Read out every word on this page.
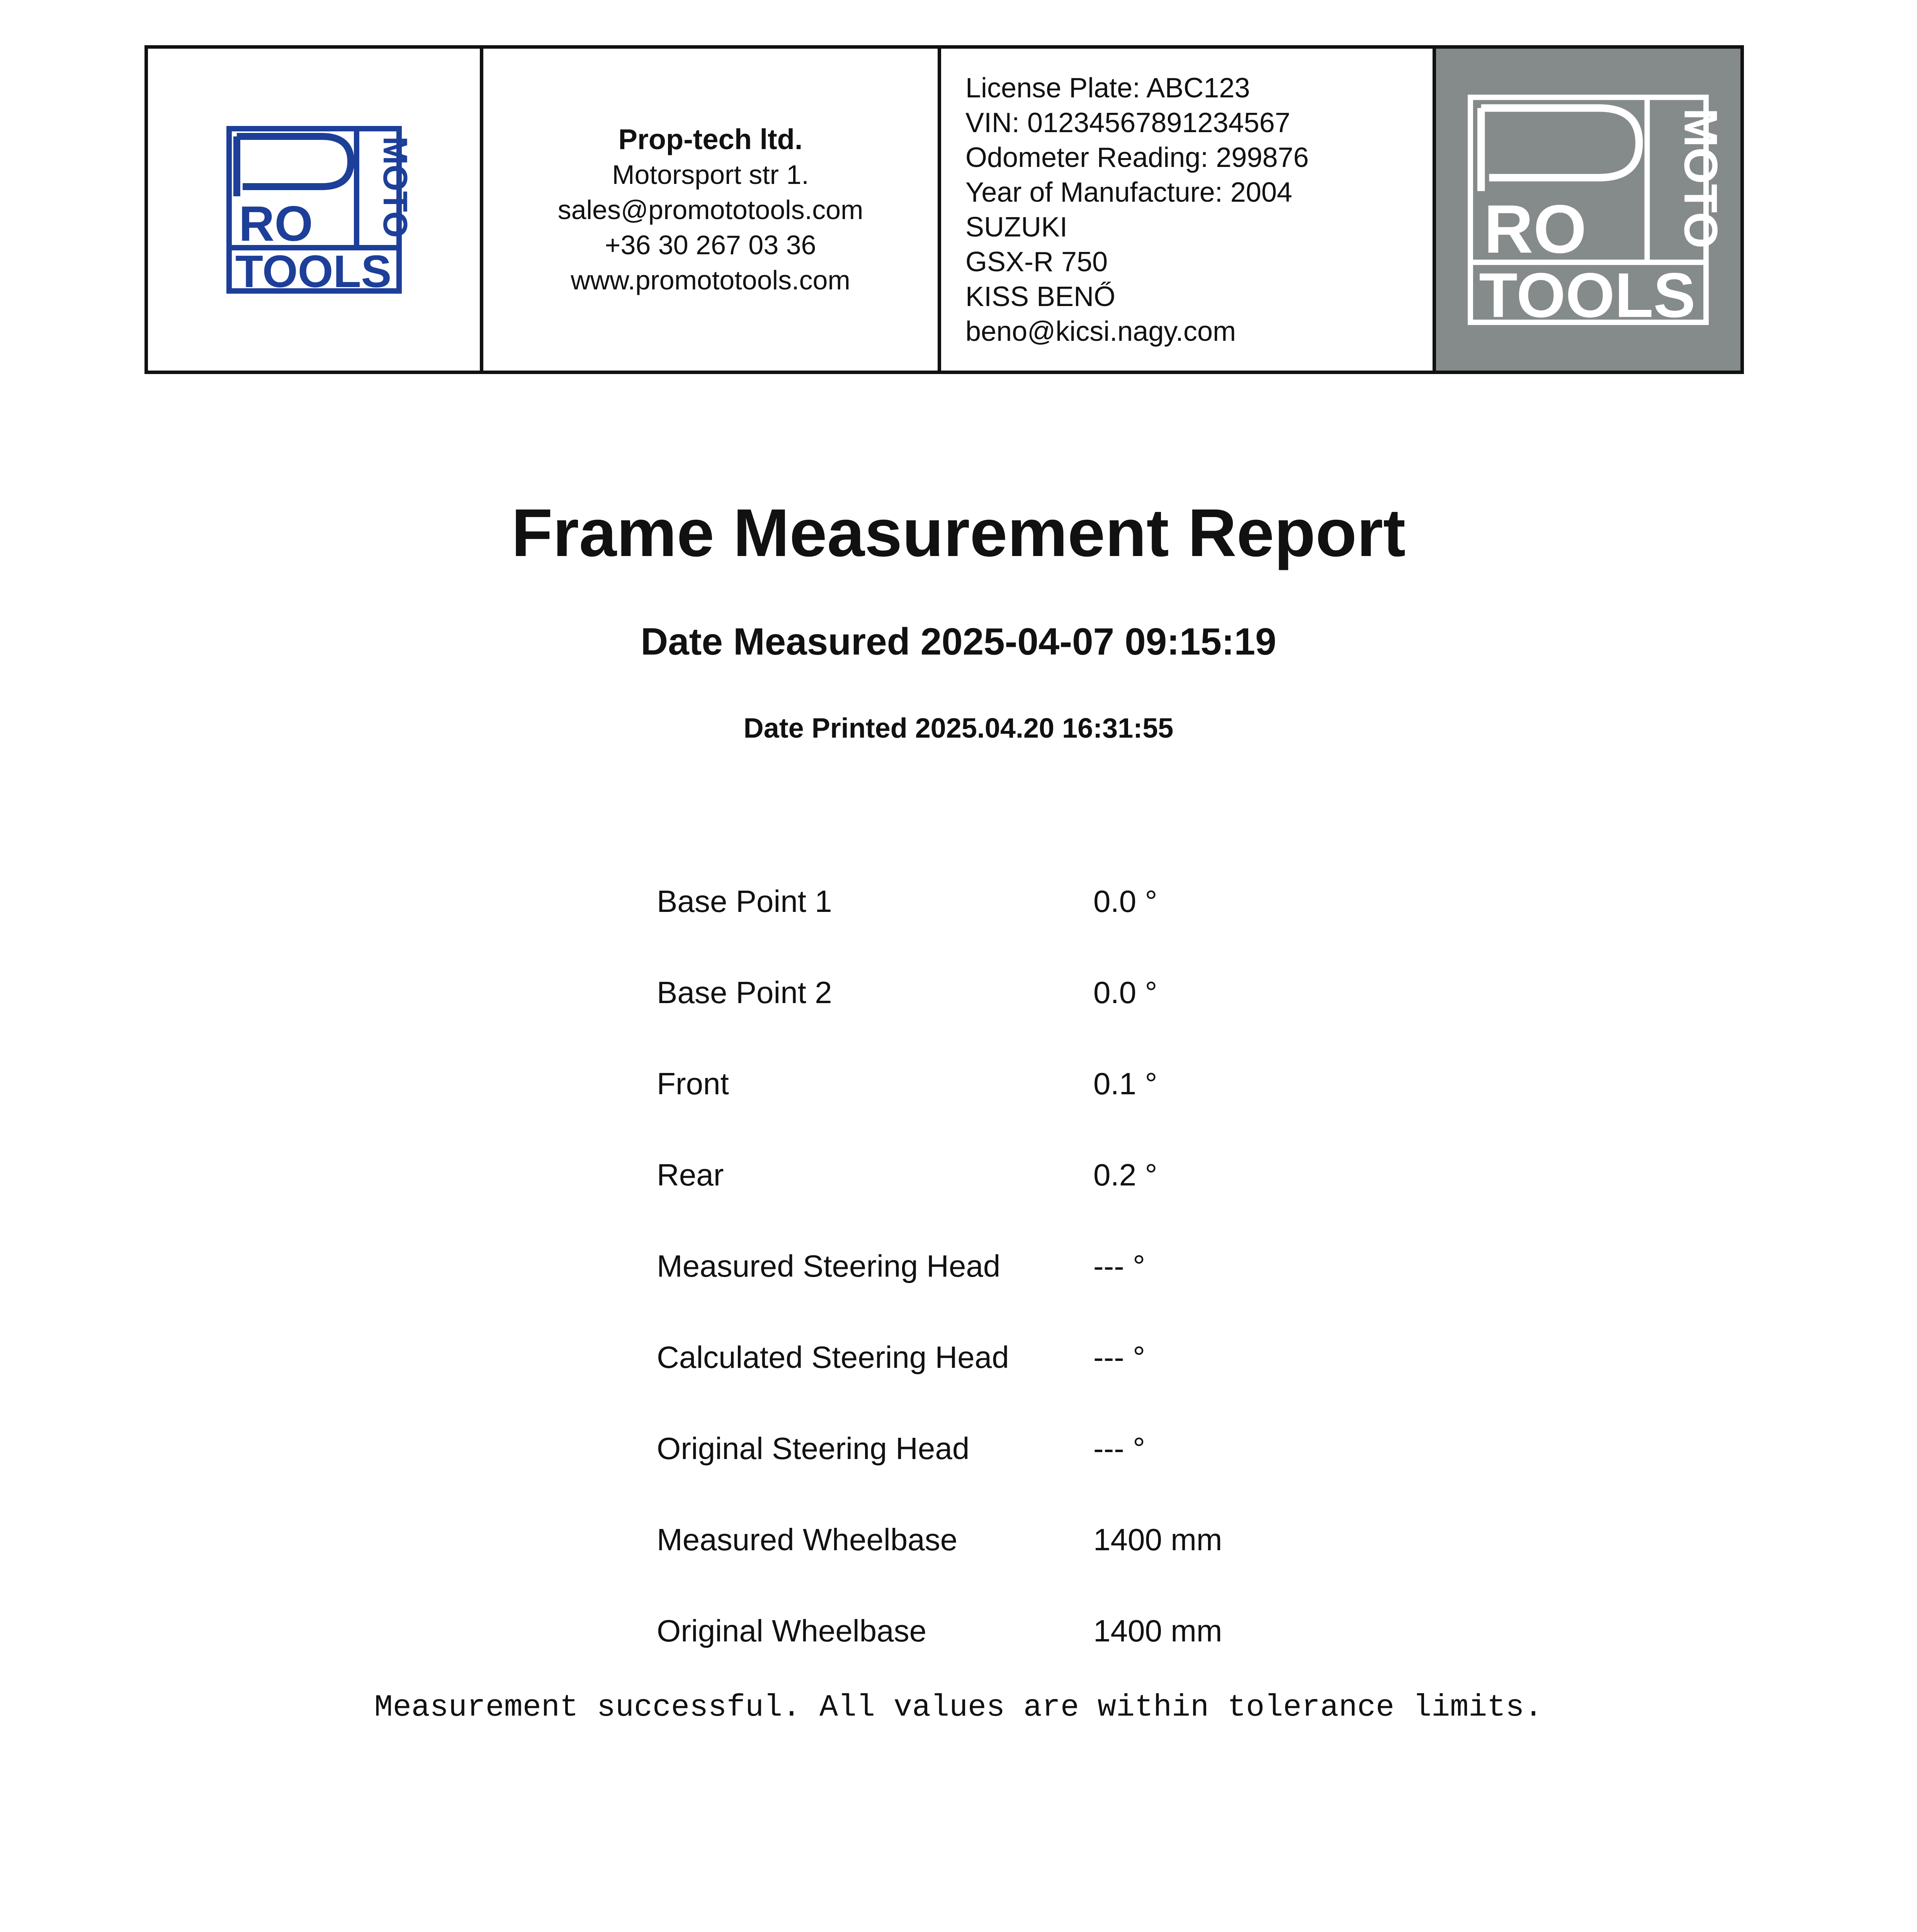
RO
TOOLS
MOTO	Prop-tech ltd.
Motorsport str 1.
sales@promototools.com
+36 30 267 03 36
www.promototools.com
License Plate: ABC123
VIN: 01234567891234567
Odometer Reading: 299876
Year of Manufacture: 2004
SUZUKI
GSX-R 750
KISS BENŐ
beno@kicsi.nagy.com
RO
TOOLS
MOTO
Frame Measurement Report
Date Measured 2025-04-07 09:15:19
Date Printed 2025.04.20 16:31:55
Base Point 1	0.0 °
Base Point 2	0.0 °
Front	0.1 °
Rear	0.2 °
Measured Steering Head	--- °
Calculated Steering Head	--- °
Original Steering Head	--- °
Measured Wheelbase	1400 mm
Original Wheelbase	1400 mm
Measurement successful. All values are within tolerance limits.
